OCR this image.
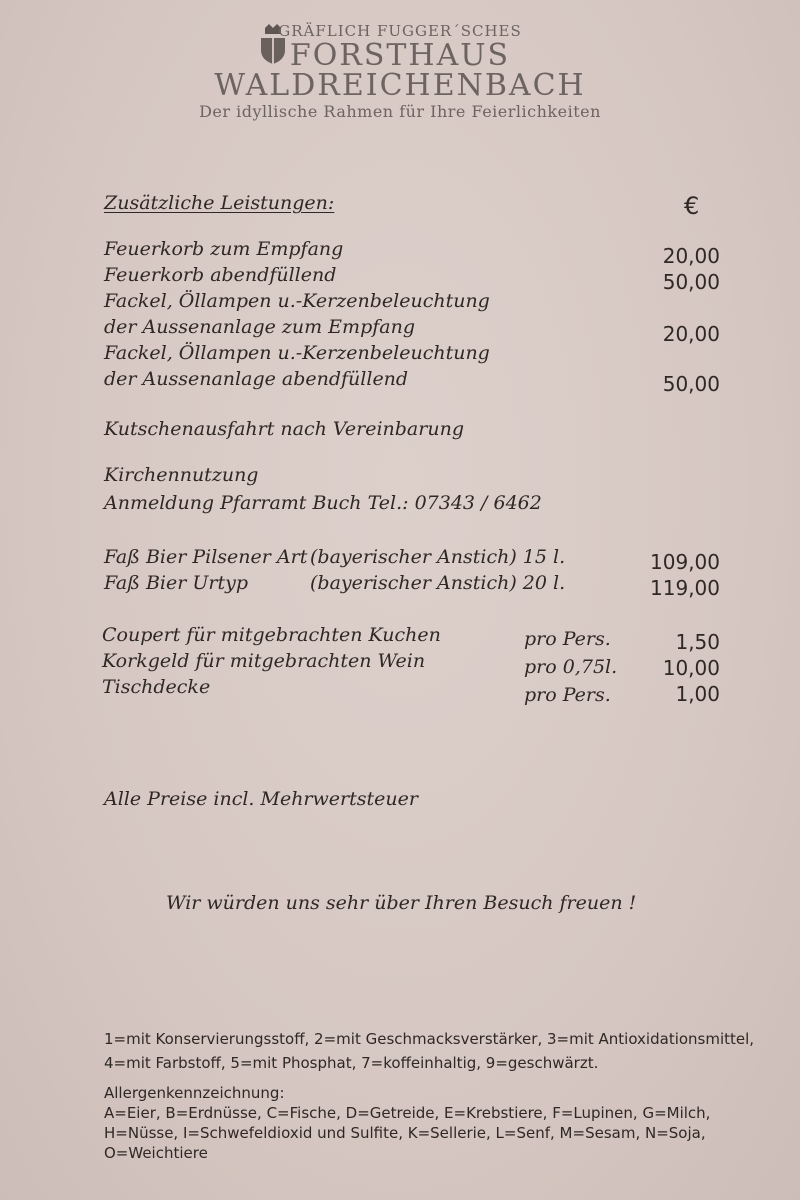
GRÄFLICH FUGGER´SCHES
FORSTHAUS
WALDREICHENBACH
Der idyllische Rahmen für Ihre Feierlichkeiten
Zusätzliche Leistungen:	€
Feuerkorb zum Empfang	20,00
Feuerkorb abendfüllend	50,00
Fackel, Öllampen u.-Kerzenbeleuchtung
der Aussenanlage zum Empfang	20,00
Fackel, Öllampen u.-Kerzenbeleuchtung
der Aussenanlage abendfüllend	50,00
Kutschenausfahrt nach Vereinbarung
Kirchennutzung
Anmeldung Pfarramt Buch Tel.: 07343 / 6462
Faß Bier Pilsener Art (bayerischer Anstich) 15 l.	109,00
Faß Bier Urtyp	(bayerischer Anstich) 20 l.	119,00
Coupert für mitgebrachten Kuchen	pro Pers.	1,50
Korkgeld für mitgebrachten Wein	pro 0,75l.	10,00
Tischdecke	pro Pers.	1,00
Alle Preise incl. Mehrwertsteuer
Wir würden uns sehr über Ihren Besuch freuen !
1=mit Konservierungsstoff, 2=mit Geschmacksverstärker, 3=mit Antioxidationsmittel,
4=mit Farbstoff, 5=mit Phosphat, 7=koffeinhaltig, 9=geschwärzt.
Allergenkennzeichnung:
A=Eier, B=Erdnüsse, C=Fische, D=Getreide, E=Krebstiere, F=Lupinen, G=Milch,
H=Nüsse, I=Schwefeldioxid und Sulfite, K=Sellerie, L=Senf, M=Sesam, N=Soja,
O=Weichtiere
